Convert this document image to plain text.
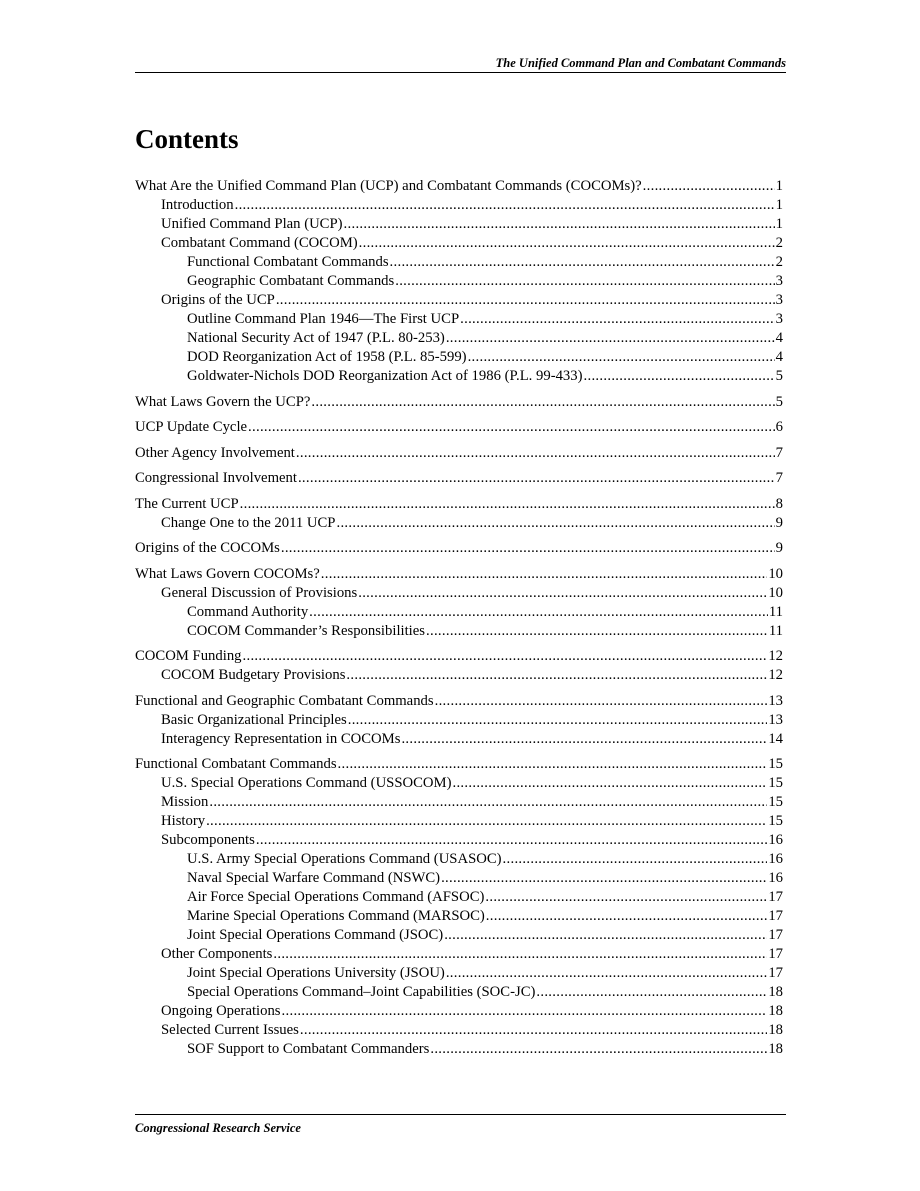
The Unified Command Plan and Combatant Commands
Contents
What Are the Unified Command Plan (UCP) and Combatant Commands (COCOMs)? .....	1
Introduction .....	1
Unified Command Plan (UCP) .....	1
Combatant Command (COCOM) .....	2
Functional Combatant Commands .....	2
Geographic Combatant Commands .....	3
Origins of the UCP .....	3
Outline Command Plan 1946—The First UCP .....	3
National Security Act of 1947 (P.L. 80-253) .....	4
DOD Reorganization Act of 1958 (P.L. 85-599) .....	4
Goldwater-Nichols DOD Reorganization Act of 1986 (P.L. 99-433) .....	5
What Laws Govern the UCP? .....	5
UCP Update Cycle .....	6
Other Agency Involvement .....	7
Congressional Involvement .....	7
The Current UCP .....	8
Change One to the 2011 UCP .....	9
Origins of the COCOMs .....	9
What Laws Govern COCOMs? .....	10
General Discussion of Provisions .....	10
Command Authority .....	11
COCOM Commander’s Responsibilities .....	11
COCOM Funding .....	12
COCOM Budgetary Provisions .....	12
Functional and Geographic Combatant Commands .....	13
Basic Organizational Principles .....	13
Interagency Representation in COCOMs .....	14
Functional Combatant Commands .....	15
U.S. Special Operations Command (USSOCOM) .....	15
Mission .....	15
History .....	15
Subcomponents .....	16
U.S. Army Special Operations Command (USASOC) .....	16
Naval Special Warfare Command (NSWC) .....	16
Air Force Special Operations Command (AFSOC) .....	17
Marine Special Operations Command (MARSOC) .....	17
Joint Special Operations Command (JSOC) .....	17
Other Components .....	17
Joint Special Operations University (JSOU) .....	17
Special Operations Command–Joint Capabilities (SOC-JC) .....	18
Ongoing Operations .....	18
Selected Current Issues .....	18
SOF Support to Combatant Commanders .....	18
Congressional Research Service
